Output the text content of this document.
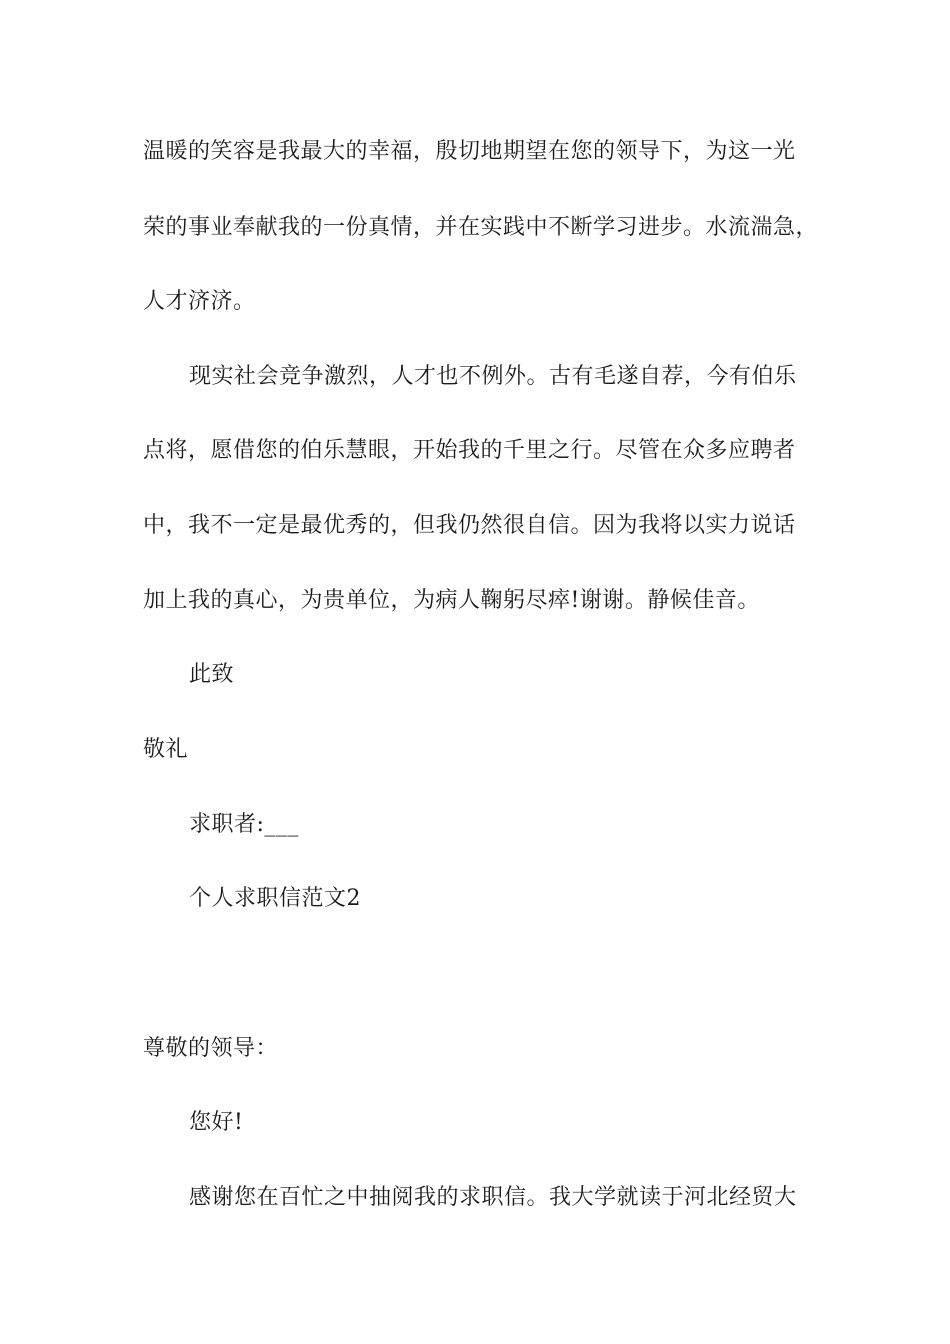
温暖的笑容是我最大的幸福，殷切地期望在您的领导下，为这一光
荣的事业奉献我的一份真情，并在实践中不断学习进步。水流湍急，
人才济济。
现实社会竞争激烈，人才也不例外。古有毛遂自荐，今有伯乐
点将，愿借您的伯乐慧眼，开始我的千里之行。尽管在众多应聘者
中，我不一定是最优秀的，但我仍然很自信。因为我将以实力说话
加上我的真心，为贵单位，为病人鞠躬尽瘁!谢谢。静候佳音。
此致
敬礼
求职者:___
个人求职信范文2
尊敬的领导：
您好!
感谢您在百忙之中抽阅我的求职信。我大学就读于河北经贸大
